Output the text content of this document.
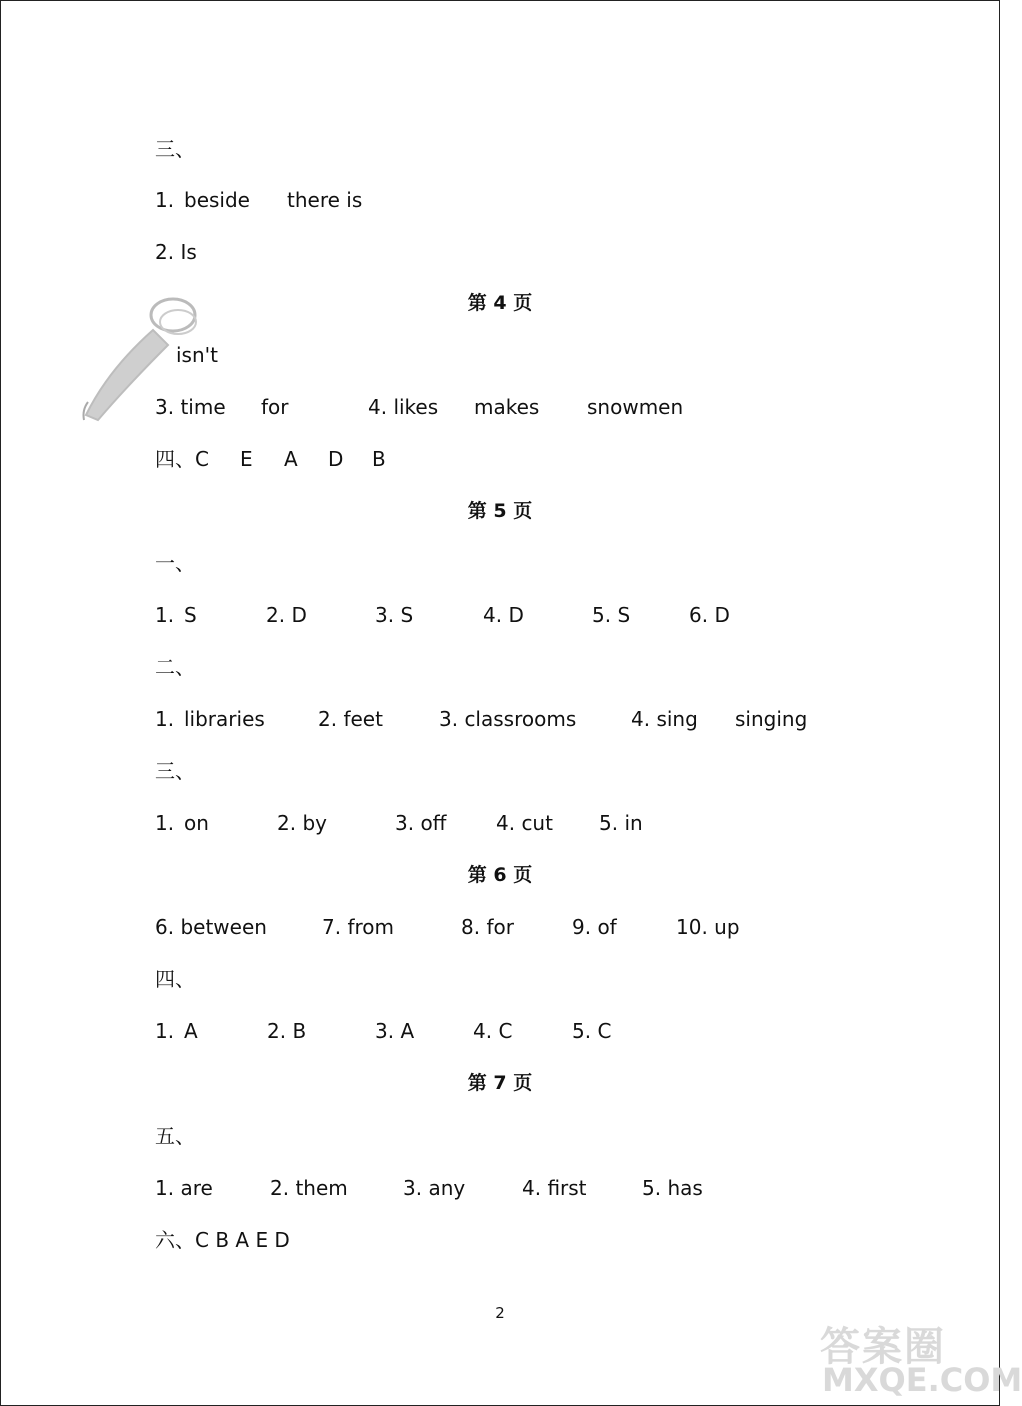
三、
1. beside there is
2. Is
第 4 页
isn't
3. time for	4. likes makes snowmen
四、 C E A D B
第 5 页
一、
1. S	2. D	3. S	4. D	5. S	6. D
二、
1. libraries	2. feet	3. classrooms	4. sing singing
三、
1. on	2. by	3. off 4. cut 5. in
第 6 页
6. between	7. from	8. for	9. of	10. up
四、
1. A	2. B	3. A	4. C	5. C
第 7 页
五、
1. are	2. them	3. any	4. first	5. has
六、C B A E D
2
答案圈
MXQE.COM
